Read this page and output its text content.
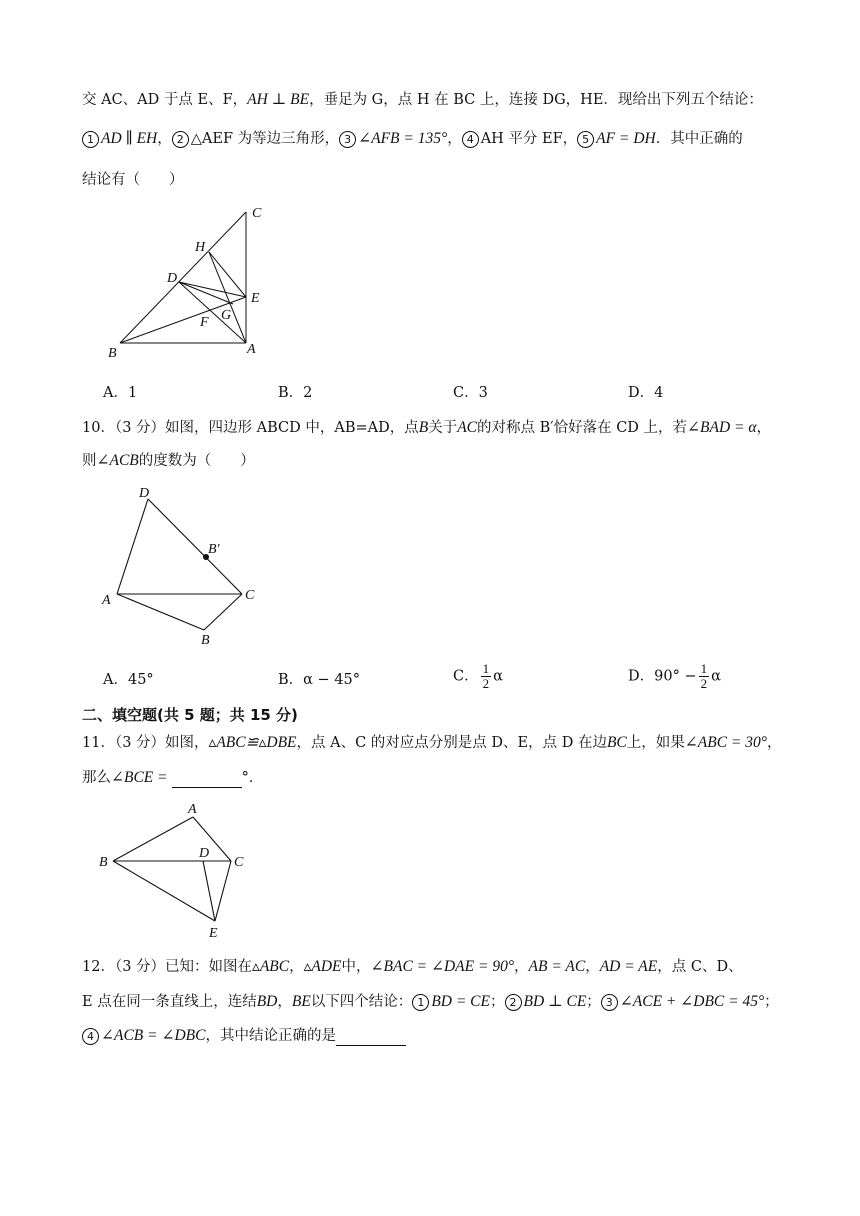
交 AC、AD 于点 E、F，AH ⊥ BE，垂足为 G，点 H 在 BC 上，连接 DG，HE．现给出下列五个结论：
1 AD ∥ EH， 2 △AEF 为等边三角形， 3 ∠AFB = 135°， 4 AH 平分 EF， 5 AF = DH．其中正确的
结论有（　　）
C
H
D
E
G
F
B	A
A．1	B．2	C．3	D．4
10．（3 分）如图，四边形 ABCD 中，AB=AD，点B关于AC的对称点 B′恰好落在 CD 上，若∠BAD = α，
则∠ACB的度数为（　　）
D
B′
A	C
B
A．45°	B．α − 45°	C． $\frac{1}{2}$ α	D．$90^\circ - \frac{1}{2}$ α
二、填空题(共 5 题；共 15 分)
11．（3 分）如图，▵ABC≌▵DBE，点 A、C 的对应点分别是点 D、E，点 D 在边BC上，如果∠ABC = 30°，
那么∠BCE =	°．
A
B
D
C
E
12．（3 分）已知：如图在▵ABC，▵ADE中，∠BAC = ∠DAE = 90°，AB = AC，AD = AE，点 C、D、
E 点在同一条直线上，连结BD，BE以下四个结论： 1 BD = CE； 2 BD ⊥ CE； 3 ∠ACE + ∠DBC = 45°；
4 ∠ACB = ∠DBC，其中结论正确的是
